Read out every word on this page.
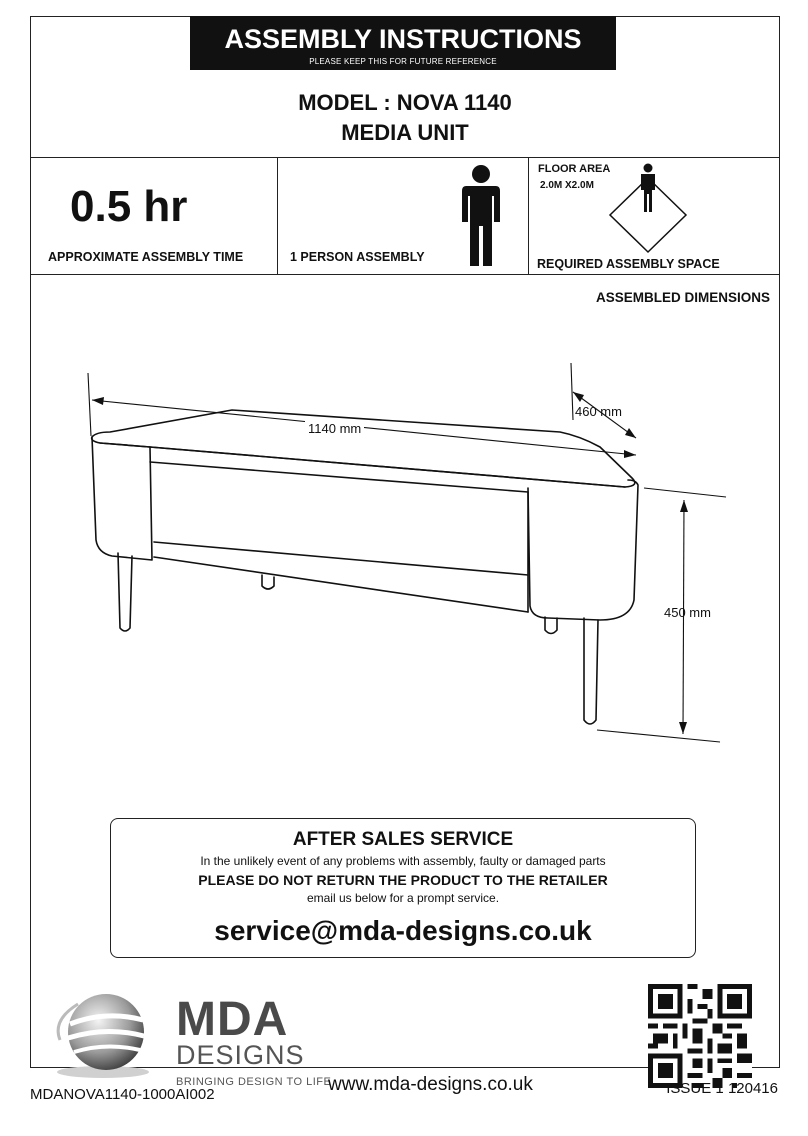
ASSEMBLY INSTRUCTIONS
PLEASE KEEP THIS FOR FUTURE REFERENCE
MODEL : NOVA 1140
MEDIA UNIT
0.5 hr
APPROXIMATE ASSEMBLY TIME	1 PERSON ASSEMBLY
FLOOR AREA
2.0M X2.0M
REQUIRED ASSEMBLY SPACE
ASSEMBLED DIMENSIONS
1140 mm
460 mm
450 mm
AFTER SALES SERVICE
In the unlikely event of any problems with assembly, faulty or damaged parts
PLEASE DO NOT RETURN THE PRODUCT TO THE RETAILER
email us below for a prompt service.
service@mda-designs.co.uk
MDA
DESIGNS
BRINGING DESIGN TO LIFE
www.mda-designs.co.uk
MDANOVA1140-1000AI002	ISSUE 1 120416
